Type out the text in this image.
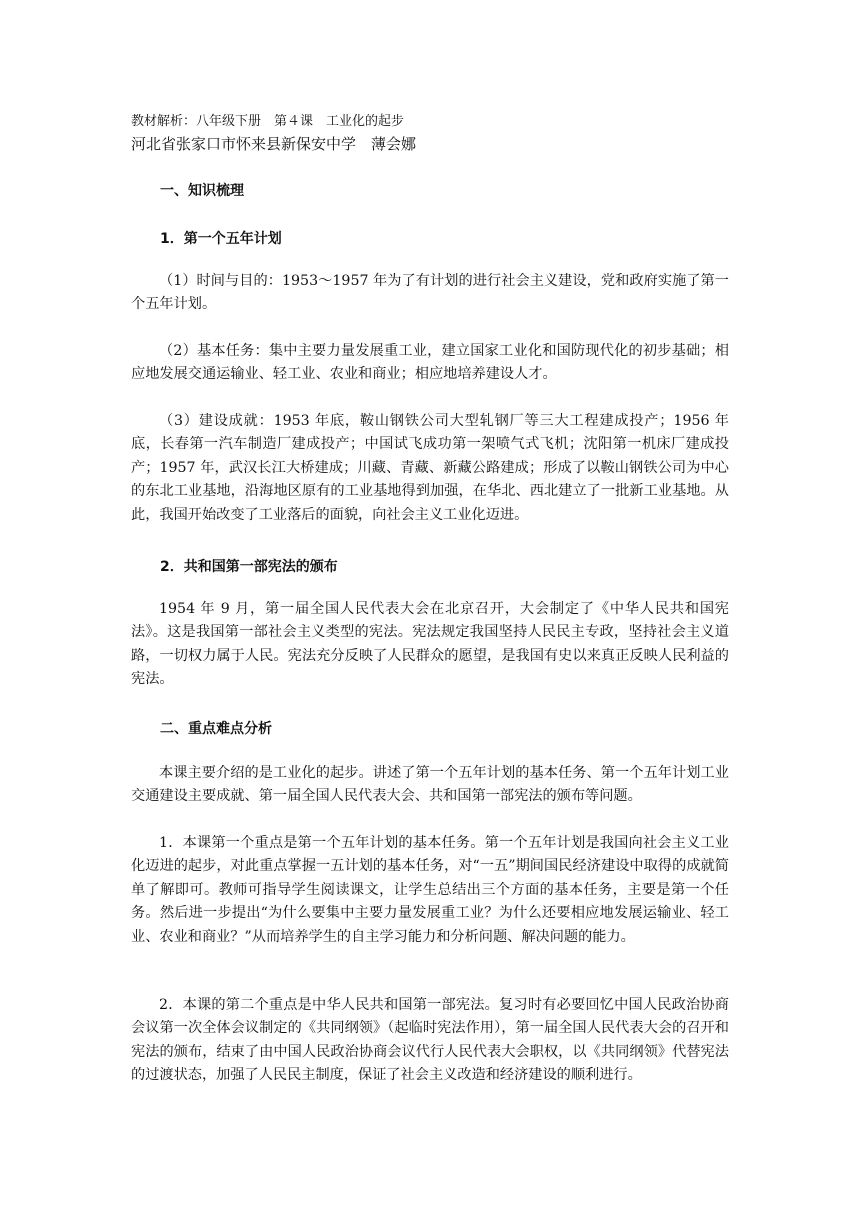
教材解析：八年级下册　第４课　工业化的起步
河北省张家口市怀来县新保安中学　薄会娜
一、知识梳理
1．第一个五年计划
（1）时间与目的：1953～1957 年为了有计划的进行社会主义建设，党和政府实施了第一个五年计划。
（2）基本任务：集中主要力量发展重工业，建立国家工业化和国防现代化的初步基础；相应地发展交通运输业、轻工业、农业和商业；相应地培养建设人才。
（3）建设成就：1953 年底，鞍山钢铁公司大型轧钢厂等三大工程建成投产；1956 年底，长春第一汽车制造厂建成投产；中国试飞成功第一架喷气式飞机；沈阳第一机床厂建成投产；1957 年，武汉长江大桥建成；川藏、青藏、新藏公路建成；形成了以鞍山钢铁公司为中心的东北工业基地，沿海地区原有的工业基地得到加强，在华北、西北建立了一批新工业基地。从此，我国开始改变了工业落后的面貌，向社会主义工业化迈进。
2．共和国第一部宪法的颁布
1954 年 9 月，第一届全国人民代表大会在北京召开，大会制定了《中华人民共和国宪法》。这是我国第一部社会主义类型的宪法。宪法规定我国坚持人民民主专政，坚持社会主义道路，一切权力属于人民。宪法充分反映了人民群众的愿望，是我国有史以来真正反映人民利益的宪法。
二、重点难点分析
本课主要介绍的是工业化的起步。讲述了第一个五年计划的基本任务、第一个五年计划工业交通建设主要成就、第一届全国人民代表大会、共和国第一部宪法的颁布等问题。
1．本课第一个重点是第一个五年计划的基本任务。第一个五年计划是我国向社会主义工业化迈进的起步，对此重点掌握一五计划的基本任务，对“一五”期间国民经济建设中取得的成就简单了解即可。教师可指导学生阅读课文，让学生总结出三个方面的基本任务，主要是第一个任务。然后进一步提出“为什么要集中主要力量发展重工业？为什么还要相应地发展运输业、轻工业、农业和商业？”从而培养学生的自主学习能力和分析问题、解决问题的能力。
2．本课的第二个重点是中华人民共和国第一部宪法。复习时有必要回忆中国人民政治协商会议第一次全体会议制定的《共同纲领》（起临时宪法作用），第一届全国人民代表大会的召开和宪法的颁布，结束了由中国人民政治协商会议代行人民代表大会职权，以《共同纲领》代替宪法的过渡状态，加强了人民民主制度，保证了社会主义改造和经济建设的顺利进行。
